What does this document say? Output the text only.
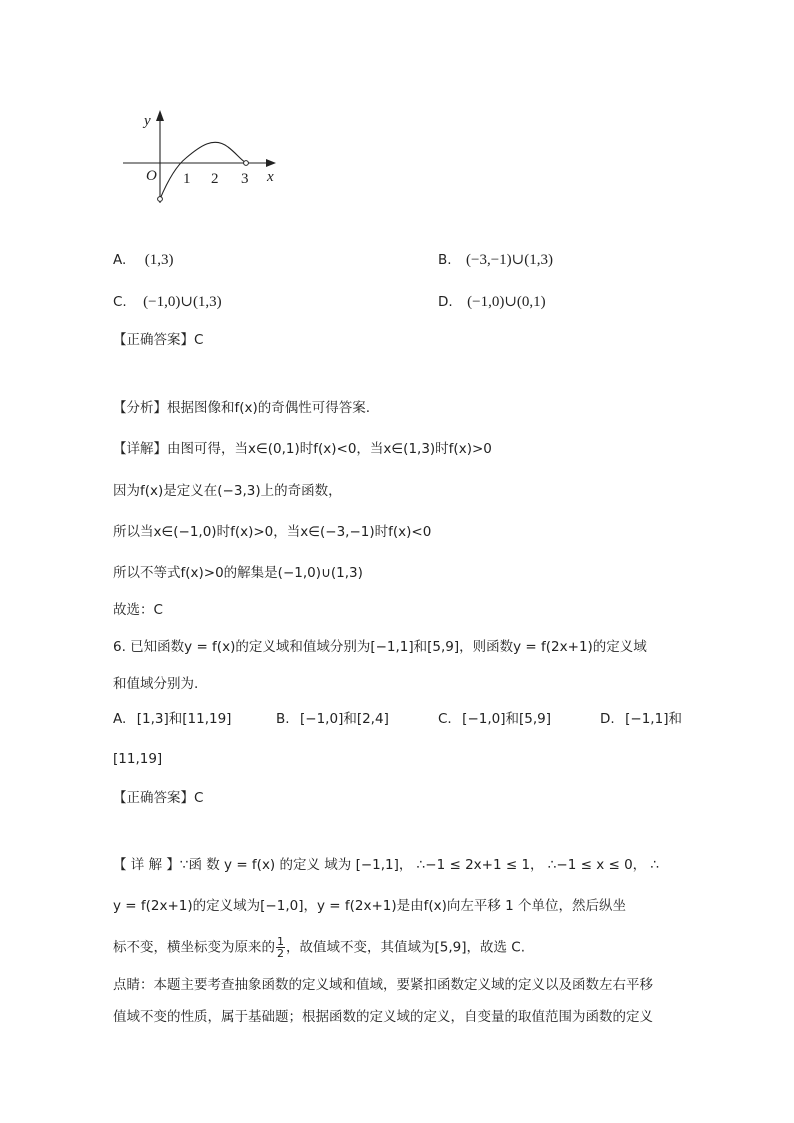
y
x
O 1 2 3
A. (1,3)	B. (−3,−1)∪(1,3)
C. (−1,0)∪(1,3)	D. (−1,0)∪(0,1)
【正确答案】C
【分析】根据图像和f(x)的奇偶性可得答案.
【详解】由图可得，当x∈(0,1)时f(x)<0，当x∈(1,3)时f(x)>0
因为f(x)是定义在(−3,3)上的奇函数，
所以当x∈(−1,0)时f(x)>0，当x∈(−3,−1)时f(x)<0
所以不等式f(x)>0的解集是(−1,0)∪(1,3)
故选：C
6. 已知函数y = f(x)的定义域和值域分别为[−1,1]和[5,9]，则函数y = f(2x+1)的定义域
和值域分别为.
A. [1,3]和[11,19]	B. [−1,0]和[2,4]	C. [−1,0]和[5,9]	D. [−1,1]和
[11,19]
【正确答案】C
【 详 解 】∵函 数 y = f(x) 的定义 域为 [−1,1]， ∴−1 ≤ 2x+1 ≤ 1， ∴−1 ≤ x ≤ 0， ∴
y = f(2x+1)的定义域为[−1,0]，y = f(2x+1)是由f(x)向左平移 1 个单位，然后纵坐
标不变，横坐标变为原来的 $\frac{1}{2}$ ，故值域不变，其值域为[5,9]，故选 C.
点睛：本题主要考查抽象函数的定义域和值域，要紧扣函数定义域的定义以及函数左右平移
值域不变的性质，属于基础题；根据函数的定义域的定义，自变量的取值范围为函数的定义
